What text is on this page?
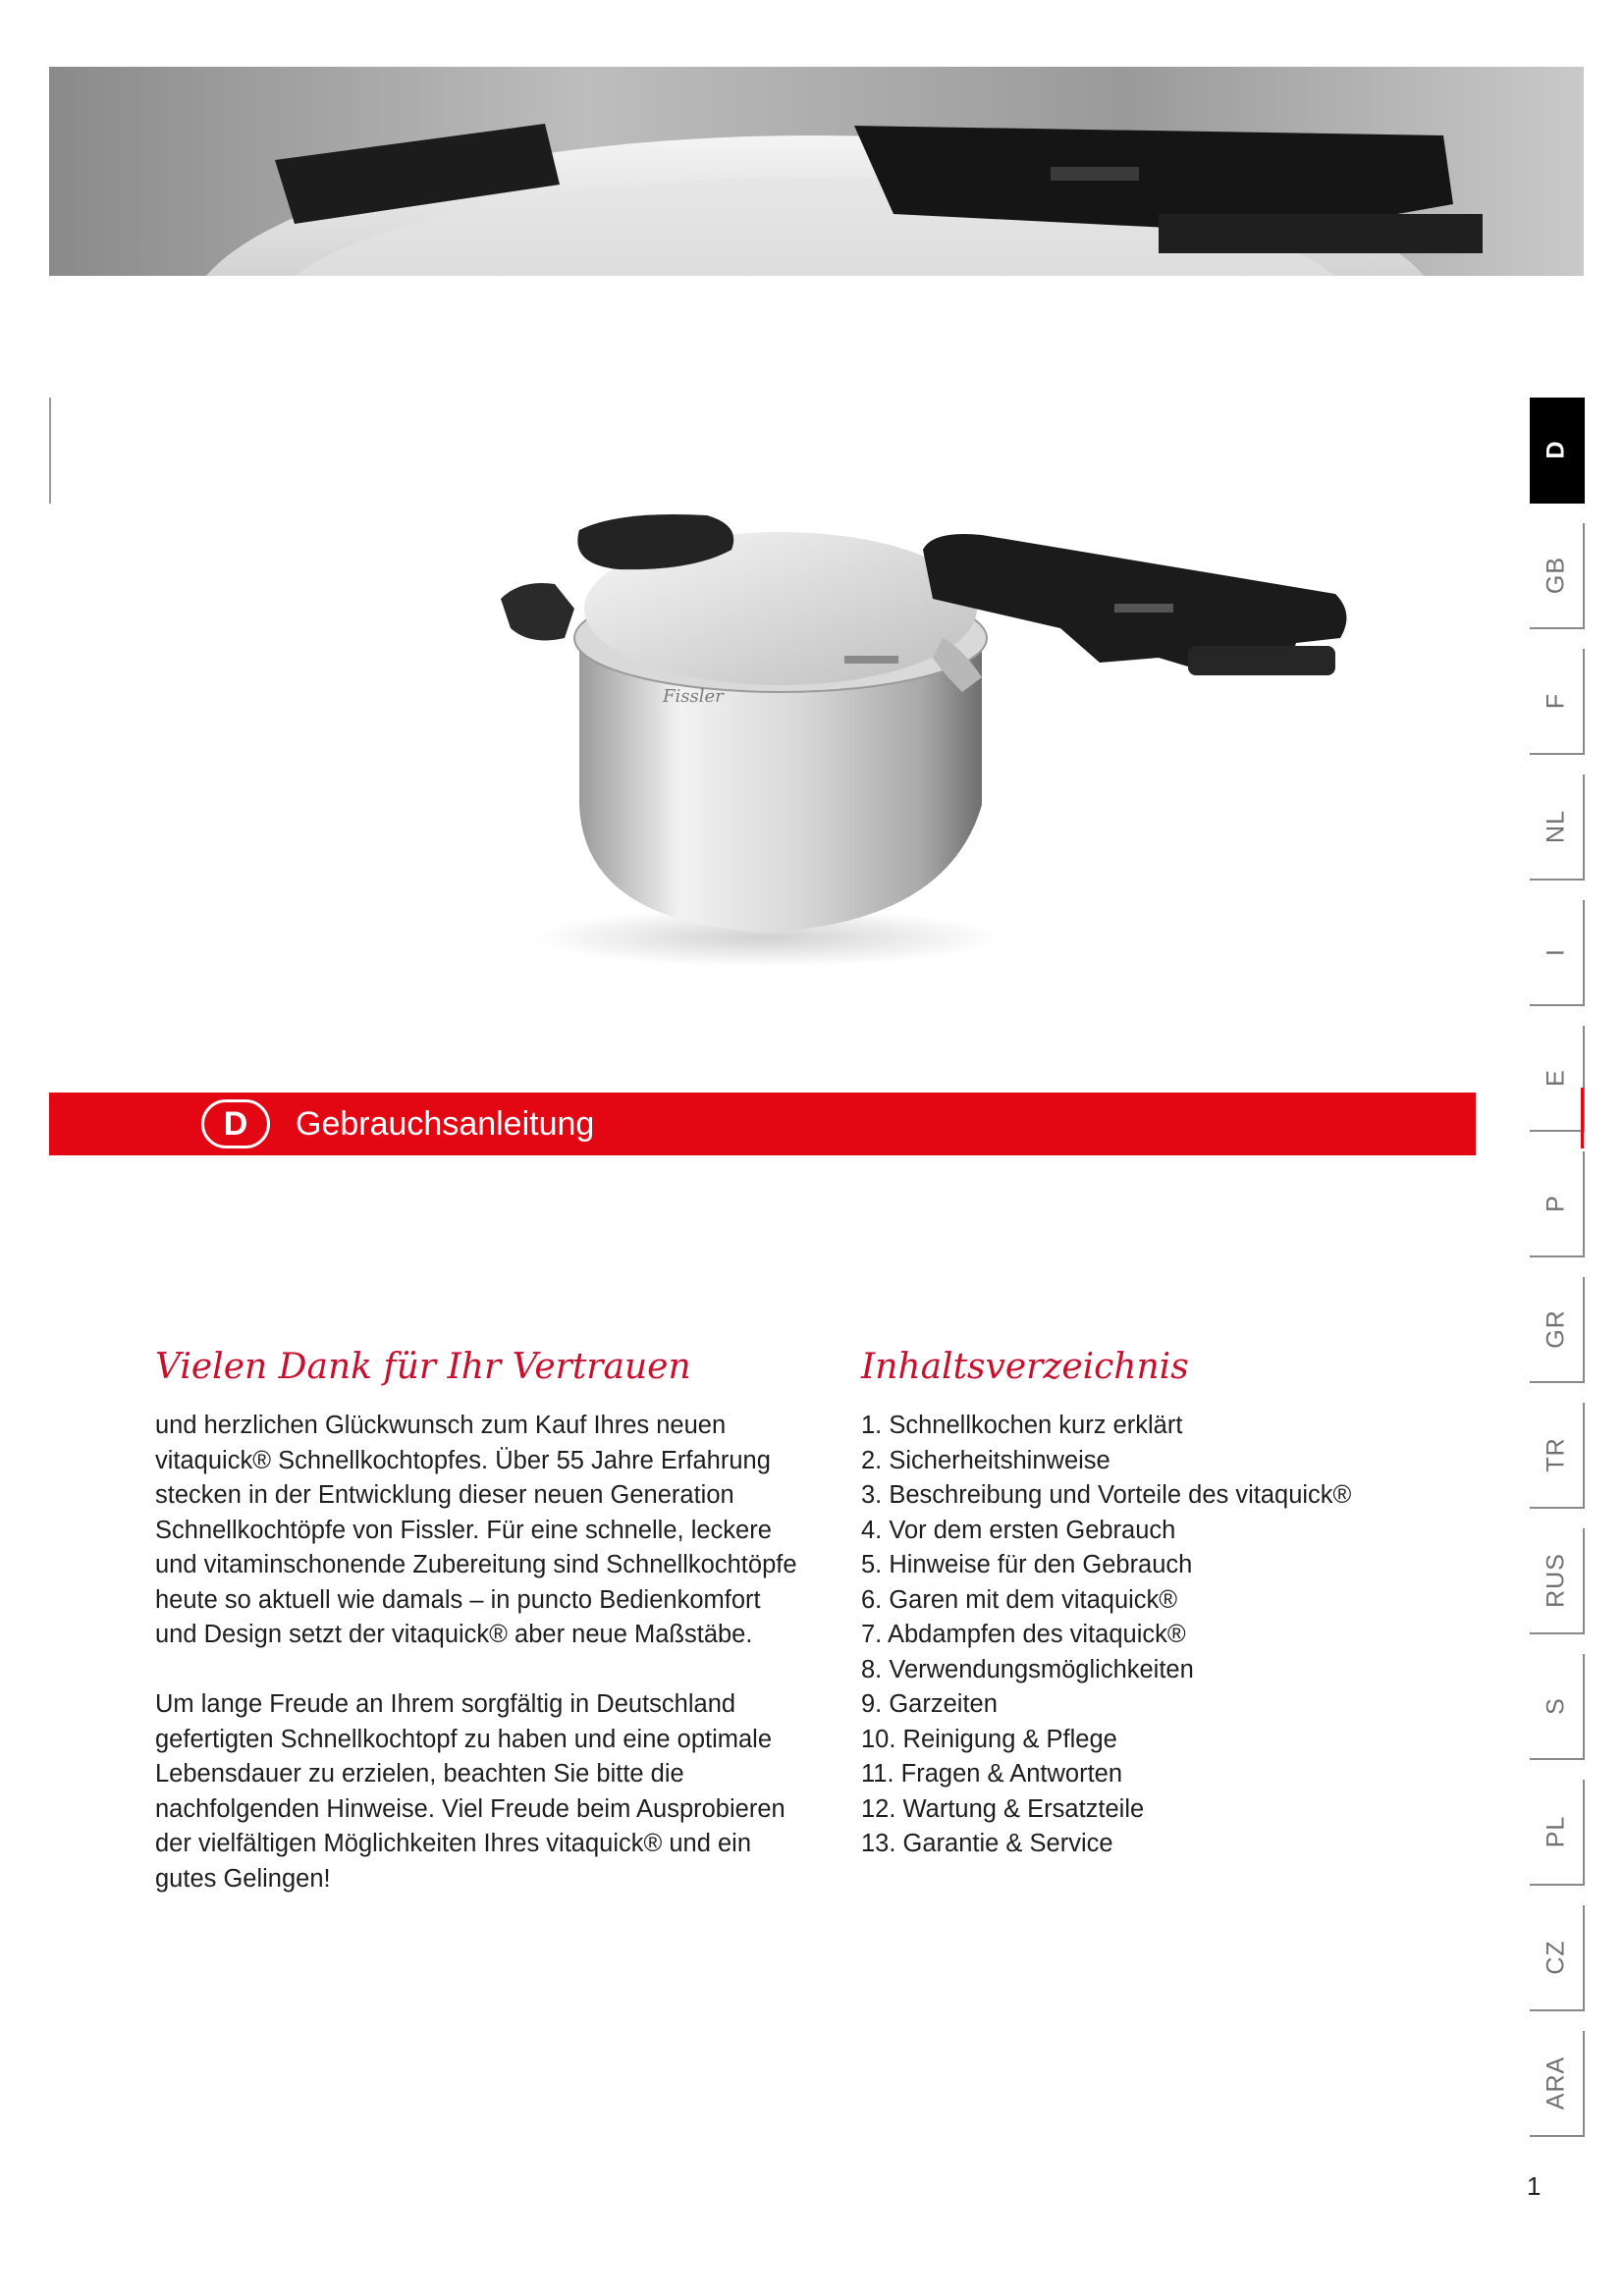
Fissler
D	Gebrauchsanleitung
Vielen Dank für Ihr Vertrauen

und herzlichen Glückwunsch zum Kauf Ihres neuen vitaquick® Schnellkochtopfes. Über 55 Jahre Erfahrung stecken in der Entwicklung dieser neuen Generation Schnellkochtöpfe von Fissler. Für eine schnelle, leckere und vitaminschonende Zubereitung sind Schnellkochtöpfe heute so aktuell wie damals – in puncto Bedienkomfort und Design setzt der vitaquick® aber neue Maßstäbe.

Um lange Freude an Ihrem sorgfältig in Deutschland gefertigten Schnellkochtopf zu haben und eine optimale Lebensdauer zu erzielen, beachten Sie bitte die nachfolgenden Hinweise. Viel Freude beim Ausprobieren der vielfältigen Möglichkeiten Ihres vitaquick® und ein gutes Gelingen!

Inhaltsverzeichnis
1. Schnellkochen kurz erklärt
2. Sicherheitshinweise
3. Beschreibung und Vorteile des vitaquick®
4. Vor dem ersten Gebrauch
5. Hinweise für den Gebrauch
6. Garen mit dem vitaquick®
7. Abdampfen des vitaquick®
8. Verwendungsmöglichkeiten
9. Garzeiten
10. Reinigung & Pflege
11. Fragen & Antworten
12. Wartung & Ersatzteile
13. Garantie & Service
D
GB
F
NL
I
E
P
GR
TR
RUS
S
PL
CZ
ARA
1
